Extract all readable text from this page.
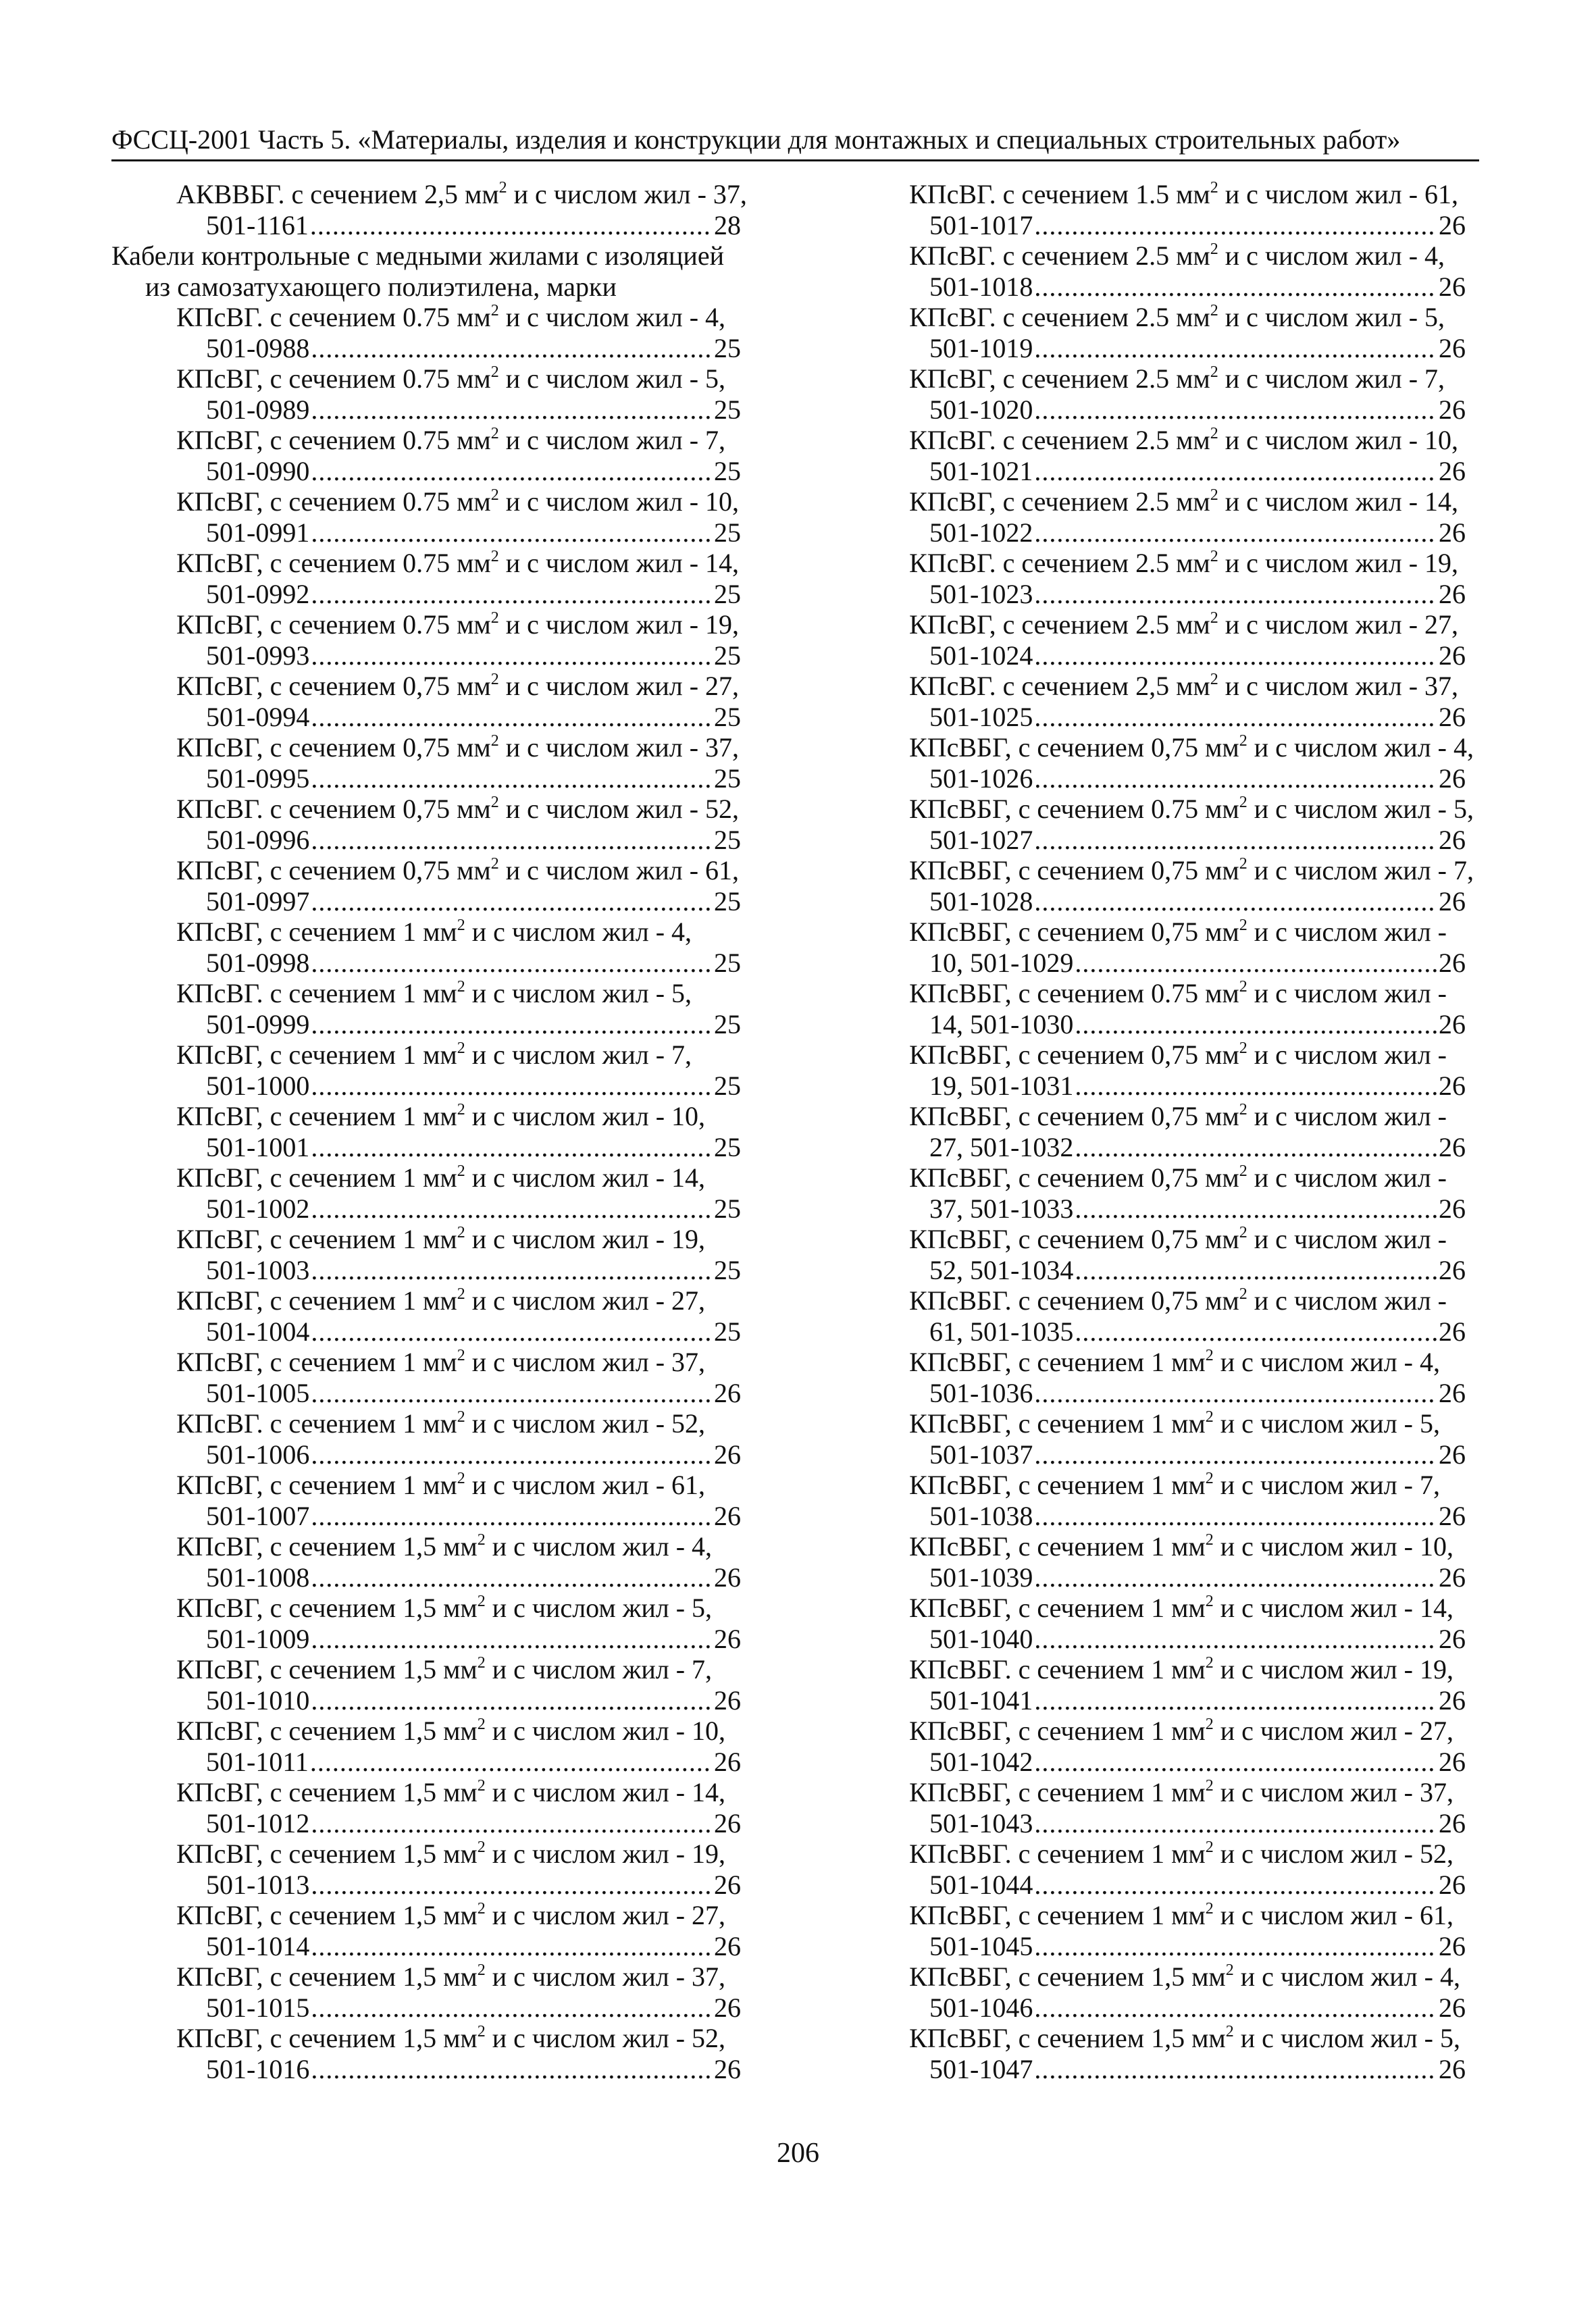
ФССЦ-2001 Часть 5. «Материалы, изделия и конструкции для монтажных и специальных строительных работ»
АКВВБГ. с сечением 2,5 $мм^2$ и с числом жил - 37,
501-1161 .....	28
Кабели контрольные с медными жилами с изоляцией
из самозатухающего полиэтилена, марки
КПсВГ. с сечением 0.75 $мм^2$ и с числом жил - 4,
501-0988 .....	25
КПсВГ, с сечением 0.75 $мм^2$ и с числом жил - 5,
501-0989 .....	25
КПсВГ, с сечением 0.75 $мм^2$ и с числом жил - 7,
501-0990 .....	25
КПсВГ, с сечением 0.75 $мм^2$ и с числом жил - 10,
501-0991 .....	25
КПсВГ, с сечением 0.75 $мм^2$ и с числом жил - 14,
501-0992 .....	25
КПсВГ, с сечением 0.75 $мм^2$ и с числом жил - 19,
501-0993 .....	25
КПсВГ, с сечением 0,75 $мм^2$ и с числом жил - 27,
501-0994 .....	25
КПсВГ, с сечением 0,75 $мм^2$ и с числом жил - 37,
501-0995 .....	25
КПсВГ. с сечением 0,75 $мм^2$ и с числом жил - 52,
501-0996 .....	25
КПсВГ, с сечением 0,75 $мм^2$ и с числом жил - 61,
501-0997 .....	25
КПсВГ, с сечением 1 $мм^2$ и с числом жил - 4,
501-0998 .....	25
КПсВГ. с сечением 1 $мм^2$ и с числом жил - 5,
501-0999 .....	25
КПсВГ, с сечением 1 $мм^2$ и с числом жил - 7,
501-1000 .....	25
КПсВГ, с сечением 1 $мм^2$ и с числом жил - 10,
501-1001 .....	25
КПсВГ, с сечением 1 $мм^2$ и с числом жил - 14,
501-1002 .....	25
КПсВГ, с сечением 1 $мм^2$ и с числом жил - 19,
501-1003 .....	25
КПсВГ, с сечением 1 $мм^2$ и с числом жил - 27,
501-1004 .....	25
КПсВГ, с сечением 1 $мм^2$ и с числом жил - 37,
501-1005 .....	26
КПсВГ. с сечением 1 $мм^2$ и с числом жил - 52,
501-1006 .....	26
КПсВГ, с сечением 1 $мм^2$ и с числом жил - 61,
501-1007 .....	26
КПсВГ, с сечением 1,5 $мм^2$ и с числом жил - 4,
501-1008 .....	26
КПсВГ, с сечением 1,5 $мм^2$ и с числом жил - 5,
501-1009 .....	26
КПсВГ, с сечением 1,5 $мм^2$ и с числом жил - 7,
501-1010 .....	26
КПсВГ, с сечением 1,5 $мм^2$ и с числом жил - 10,
501-1011 .....	26
КПсВГ, с сечением 1,5 $мм^2$ и с числом жил - 14,
501-1012 .....	26
КПсВГ, с сечением 1,5 $мм^2$ и с числом жил - 19,
501-1013 .....	26
КПсВГ, с сечением 1,5 $мм^2$ и с числом жил - 27,
501-1014 .....	26
КПсВГ, с сечением 1,5 $мм^2$ и с числом жил - 37,
501-1015 .....	26
КПсВГ, с сечением 1,5 $мм^2$ и с числом жил - 52,
501-1016 .....	26
КПсВГ. с сечением 1.5 $мм^2$ и с числом жил - 61,
501-1017 .....	26
КПсВГ. с сечением 2.5 $мм^2$ и с числом жил - 4,
501-1018 .....	26
КПсВГ. с сечением 2.5 $мм^2$ и с числом жил - 5,
501-1019 .....	26
КПсВГ, с сечением 2.5 $мм^2$ и с числом жил - 7,
501-1020 .....	26
КПсВГ. с сечением 2.5 $мм^2$ и с числом жил - 10,
501-1021 .....	26
КПсВГ, с сечением 2.5 $мм^2$ и с числом жил - 14,
501-1022 .....	26
КПсВГ. с сечением 2.5 $мм^2$ и с числом жил - 19,
501-1023 .....	26
КПсВГ, с сечением 2.5 $мм^2$ и с числом жил - 27,
501-1024 .....	26
КПсВГ. с сечением 2,5 $мм^2$ и с числом жил - 37,
501-1025 .....	26
КПсВБГ, с сечением 0,75 $мм^2$ и с числом жил - 4,
501-1026 .....	26
КПсВБГ, с сечением 0.75 $мм^2$ и с числом жил - 5,
501-1027 .....	26
КПсВБГ, с сечением 0,75 $мм^2$ и с числом жил - 7,
501-1028 .....	26
КПсВБГ, с сечением 0,75 $мм^2$ и с числом жил -
10, 501-1029 .....	26
КПсВБГ, с сечением 0.75 $мм^2$ и с числом жил -
14, 501-1030 .....	26
КПсВБГ, с сечением 0,75 $мм^2$ и с числом жил -
19, 501-1031 .....	26
КПсВБГ, с сечением 0,75 $мм^2$ и с числом жил -
27, 501-1032 .....	26
КПсВБГ, с сечением 0,75 $мм^2$ и с числом жил -
37, 501-1033 .....	26
КПсВБГ, с сечением 0,75 $мм^2$ и с числом жил -
52, 501-1034 .....	26
КПсВБГ. с сечением 0,75 $мм^2$ и с числом жил -
61, 501-1035 .....	26
КПсВБГ, с сечением 1 $мм^2$ и с числом жил - 4,
501-1036 .....	26
КПсВБГ, с сечением 1 $мм^2$ и с числом жил - 5,
501-1037 .....	26
КПсВБГ, с сечением 1 $мм^2$ и с числом жил - 7,
501-1038 .....	26
КПсВБГ, с сечением 1 $мм^2$ и с числом жил - 10,
501-1039 .....	26
КПсВБГ, с сечением 1 $мм^2$ и с числом жил - 14,
501-1040 .....	26
КПсВБГ. с сечением 1 $мм^2$ и с числом жил - 19,
501-1041 .....	26
КПсВБГ, с сечением 1 $мм^2$ и с числом жил - 27,
501-1042 .....	26
КПсВБГ, с сечением 1 $мм^2$ и с числом жил - 37,
501-1043 .....	26
КПсВБГ. с сечением 1 $мм^2$ и с числом жил - 52,
501-1044 .....	26
КПсВБГ, с сечением 1 $мм^2$ и с числом жил - 61,
501-1045 .....	26
КПсВБГ, с сечением 1,5 $мм^2$ и с числом жил - 4,
501-1046 .....	26
КПсВБГ, с сечением 1,5 $мм^2$ и с числом жил - 5,
501-1047 .....	26
206
